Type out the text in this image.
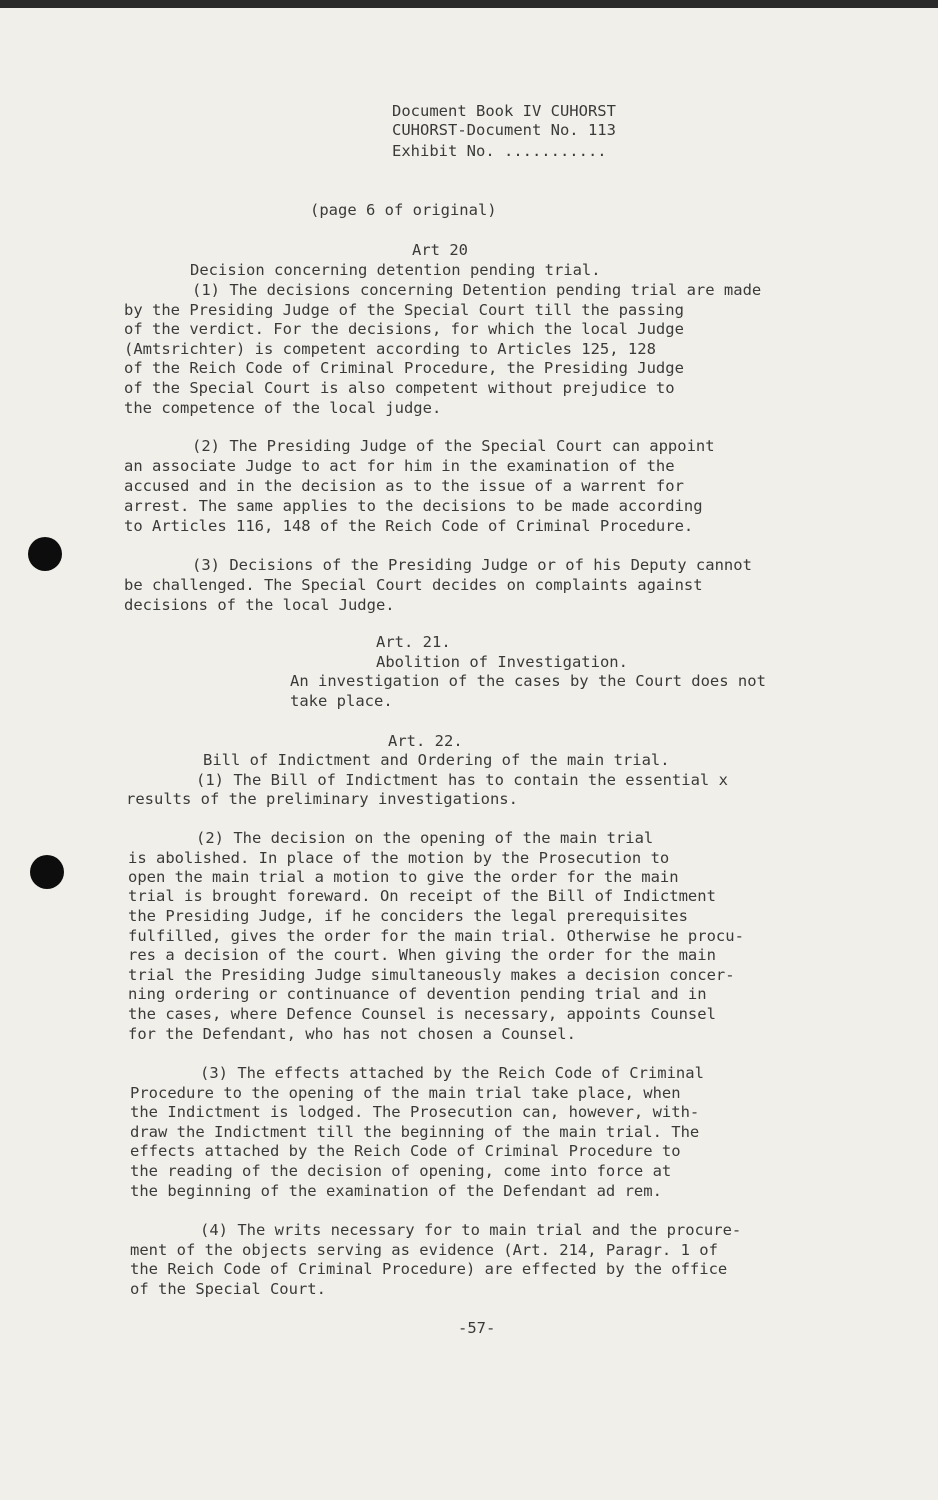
Document Book IV CUHORST
CUHORST-Document No. 113
Exhibit No. ...........
(page 6 of original)
Art 20
Decision concerning detention pending trial.
(1) The decisions concerning Detention pending trial are made
by the Presiding Judge of the Special Court till the passing
of the verdict. For the decisions, for which the local Judge
(Amtsrichter) is competent according to Articles 125, 128
of the Reich Code of Criminal Procedure, the Presiding Judge
of the Special Court is also competent without prejudice to
the competence of the local judge.
(2) The Presiding Judge of the Special Court can appoint
an associate Judge to act for him in the examination of the
accused and in the decision as to the issue of a warrent for
arrest. The same applies to the decisions to be made according
to Articles 116, 148 of the Reich Code of Criminal Procedure.
(3) Decisions of the Presiding Judge or of his Deputy cannot
be challenged. The Special Court decides on complaints against
decisions of the local Judge.
Art. 21.
Abolition of Investigation.
An investigation of the cases by the Court does not
take place.
Art. 22.
Bill of Indictment and Ordering of the main trial.
(1) The Bill of Indictment has to contain the essential x
results of the preliminary investigations.
(2) The decision on the opening of the main trial
is abolished. In place of the motion by the Prosecution to
open the main trial a motion to give the order for the main
trial is brought foreward. On receipt of the Bill of Indictment
the Presiding Judge, if he conciders the legal prerequisites
fulfilled, gives the order for the main trial. Otherwise he procu-
res a decision of the court. When giving the order for the main
trial the Presiding Judge simultaneously makes a decision concer-
ning ordering or continuance of devention pending trial and in
the cases, where Defence Counsel is necessary, appoints Counsel
for the Defendant, who has not chosen a Counsel.
(3) The effects attached by the Reich Code of Criminal
Procedure to the opening of the main trial take place, when
the Indictment is lodged. The Prosecution can, however, with-
draw the Indictment till the beginning of the main trial. The
effects attached by the Reich Code of Criminal Procedure to
the reading of the decision of opening, come into force at
the beginning of the examination of the Defendant ad rem.
(4) The writs necessary for to main trial and the procure-
ment of the objects serving as evidence (Art. 214, Paragr. 1 of
the Reich Code of Criminal Procedure) are effected by the office
of the Special Court.
-57-
